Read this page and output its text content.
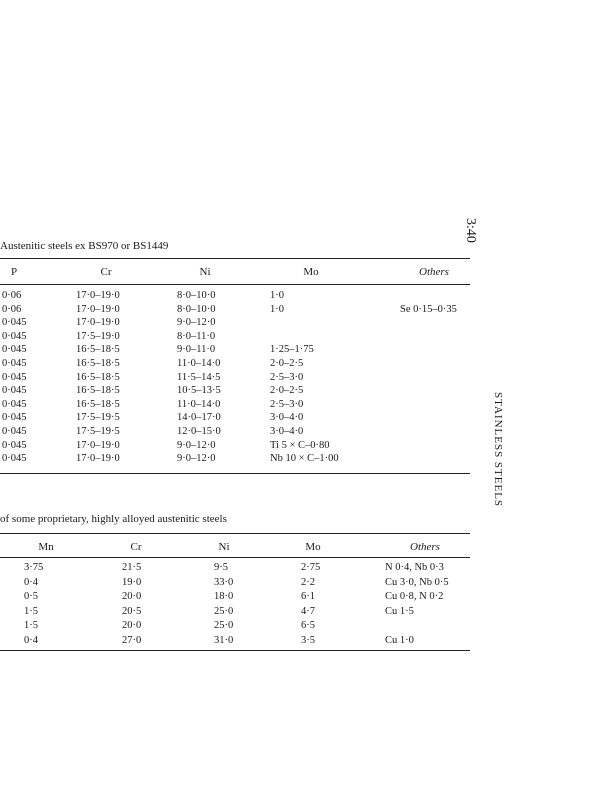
3:40
STAINLESS STEELS
Austenitic steels ex BS970 or BS1449
P	Cr	Ni	Mo	Others
0·06	17·0–19·0	8·0–10·0	1·0
0·06	17·0–19·0	8·0–10·0	1·0	Se 0·15–0·35
0·045	17·0–19·0	9·0–12·0
0·045	17·5–19·0	8·0–11·0
0·045	16·5–18·5	9·0–11·0	1·25–1·75
0·045	16·5–18·5	11·0–14·0	2·0–2·5
0·045	16·5–18·5	11·5–14·5	2·5–3·0
0·045	16·5–18·5	10·5–13·5	2·0–2·5
0·045	16·5–18·5	11·0–14·0	2·5–3·0
0·045	17·5–19·5	14·0–17·0	3·0–4·0
0·045	17·5–19·5	12·0–15·0	3·0–4·0
0·045	17·0–19·0	9·0–12·0	Ti 5 × C–0·80
0·045	17·0–19·0	9·0–12·0	Nb 10 × C–1·00
of some proprietary, highly alloyed austenitic steels
Mn	Cr	Ni	Mo	Others
3·75	21·5	9·5	2·75	N 0·4, Nb 0·3
0·4	19·0	33·0	2·2	Cu 3·0, Nb 0·5
0·5	20·0	18·0	6·1	Cu 0·8, N 0·2
1·5	20·5	25·0	4·7	Cu 1·5
1·5	20·0	25·0	6·5
0·4	27·0	31·0	3·5	Cu 1·0
